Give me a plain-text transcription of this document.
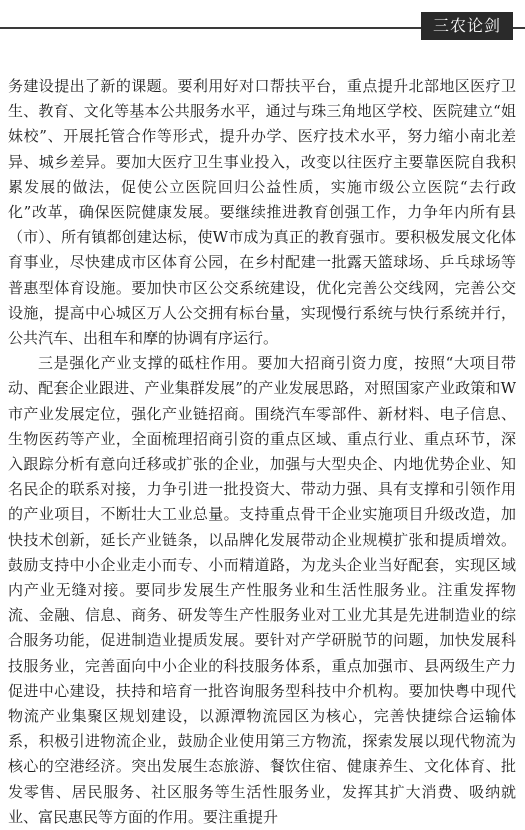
三农论剑

务建设提出了新的课题。要利用好对口帮扶平台，重点提升北部地区医疗卫生、教育、文化等基本公共服务水平，通过与珠三角地区学校、医院建立“姐妹校”、开展托管合作等形式，提升办学、医疗技术水平，努力缩小南北差异、城乡差异。要加大医疗卫生事业投入，改变以往医疗主要靠医院自我积累发展的做法，促使公立医院回归公益性质，实施市级公立医院“去行政化”改革，确保医院健康发展。要继续推进教育创强工作，力争年内所有县（市）、所有镇都创建达标，使W市成为真正的教育强市。要积极发展文化体育事业，尽快建成市区体育公园，在乡村配建一批露天篮球场、乒乓球场等普惠型体育设施。要加快市区公交系统建设，优化完善公交线网，完善公交设施，提高中心城区万人公交拥有标台量，实现慢行系统与快行系统并行，公共汽车、出租车和摩的协调有序运行。

三是强化产业支撑的砥柱作用。要加大招商引资力度，按照“大项目带动、配套企业跟进、产业集群发展”的产业发展思路，对照国家产业政策和W市产业发展定位，强化产业链招商。围绕汽车零部件、新材料、电子信息、生物医药等产业，全面梳理招商引资的重点区域、重点行业、重点环节，深入跟踪分析有意向迁移或扩张的企业，加强与大型央企、内地优势企业、知名民企的联系对接，力争引进一批投资大、带动力强、具有支撑和引领作用的产业项目，不断壮大工业总量。支持重点骨干企业实施项目升级改造，加快技术创新，延长产业链条，以品牌化发展带动企业规模扩张和提质增效。鼓励支持中小企业走小而专、小而精道路，为龙头企业当好配套，实现区域内产业无缝对接。要同步发展生产性服务业和生活性服务业。注重发挥物流、金融、信息、商务、研发等生产性服务业对工业尤其是先进制造业的综合服务功能，促进制造业提质发展。要针对产学研脱节的问题，加快发展科技服务业，完善面向中小企业的科技服务体系，重点加强市、县两级生产力促进中心建设，扶持和培育一批咨询服务型科技中介机构。要加快粤中现代物流产业集聚区规划建设，以源潭物流园区为核心，完善快捷综合运输体系，积极引进物流企业，鼓励企业使用第三方物流，探索发展以现代物流为核心的空港经济。突出发展生态旅游、餐饮住宿、健康养生、文化体育、批发零售、居民服务、社区服务等生活性服务业，发挥其扩大消费、吸纳就业、富民惠民等方面的作用。要注重提升
